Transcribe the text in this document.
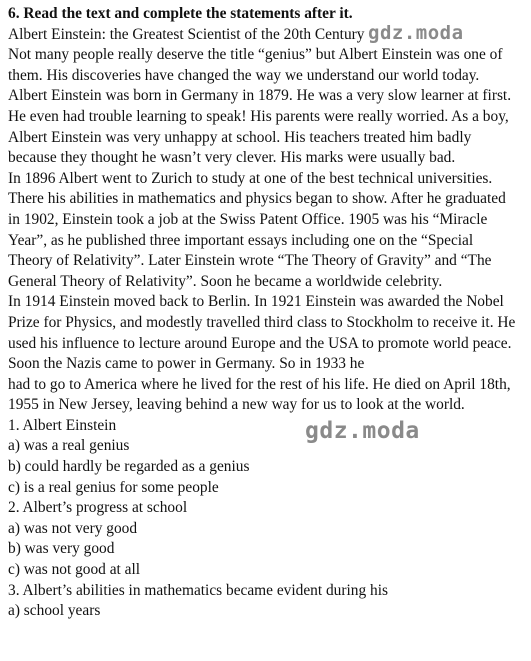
6. Read the text and complete the statements after it.
Albert Einstein: the Greatest Scientist of the 20th Century
Not many people really deserve the title “genius” but Albert Einstein was one of
them. His discoveries have changed the way we understand our world today.
Albert Einstein was born in Germany in 1879. He was a very slow learner at first.
He even had trouble learning to speak! His parents were really worried. As a boy,
Albert Einstein was very unhappy at school. His teachers treated him badly
because they thought he wasn’t very clever. His marks were usually bad.
In 1896 Albert went to Zurich to study at one of the best technical universities.
There his abilities in mathematics and physics began to show. After he graduated
in 1902, Einstein took a job at the Swiss Patent Office. 1905 was his “Miracle
Year”, as he published three important essays including one on the “Special
Theory of Relativity”. Later Einstein wrote “The Theory of Gravity” and “The
General Theory of Relativity”. Soon he became a worldwide celebrity.
In 1914 Einstein moved back to Berlin. In 1921 Einstein was awarded the Nobel
Prize for Physics, and modestly travelled third class to Stockholm to receive it. He
used his influence to lecture around Europe and the USA to promote world peace.
Soon the Nazis came to power in Germany. So in 1933 he
had to go to America where he lived for the rest of his life. He died on April 18th,
1955 in New Jersey, leaving behind a new way for us to look at the world.
1. Albert Einstein
a) was a real genius
b) could hardly be regarded as a genius
c) is a real genius for some people
2. Albert’s progress at school
a) was not very good
b) was very good
c) was not good at all
3. Albert’s abilities in mathematics became evident during his
a) school years
gdz.moda
gdz.moda
